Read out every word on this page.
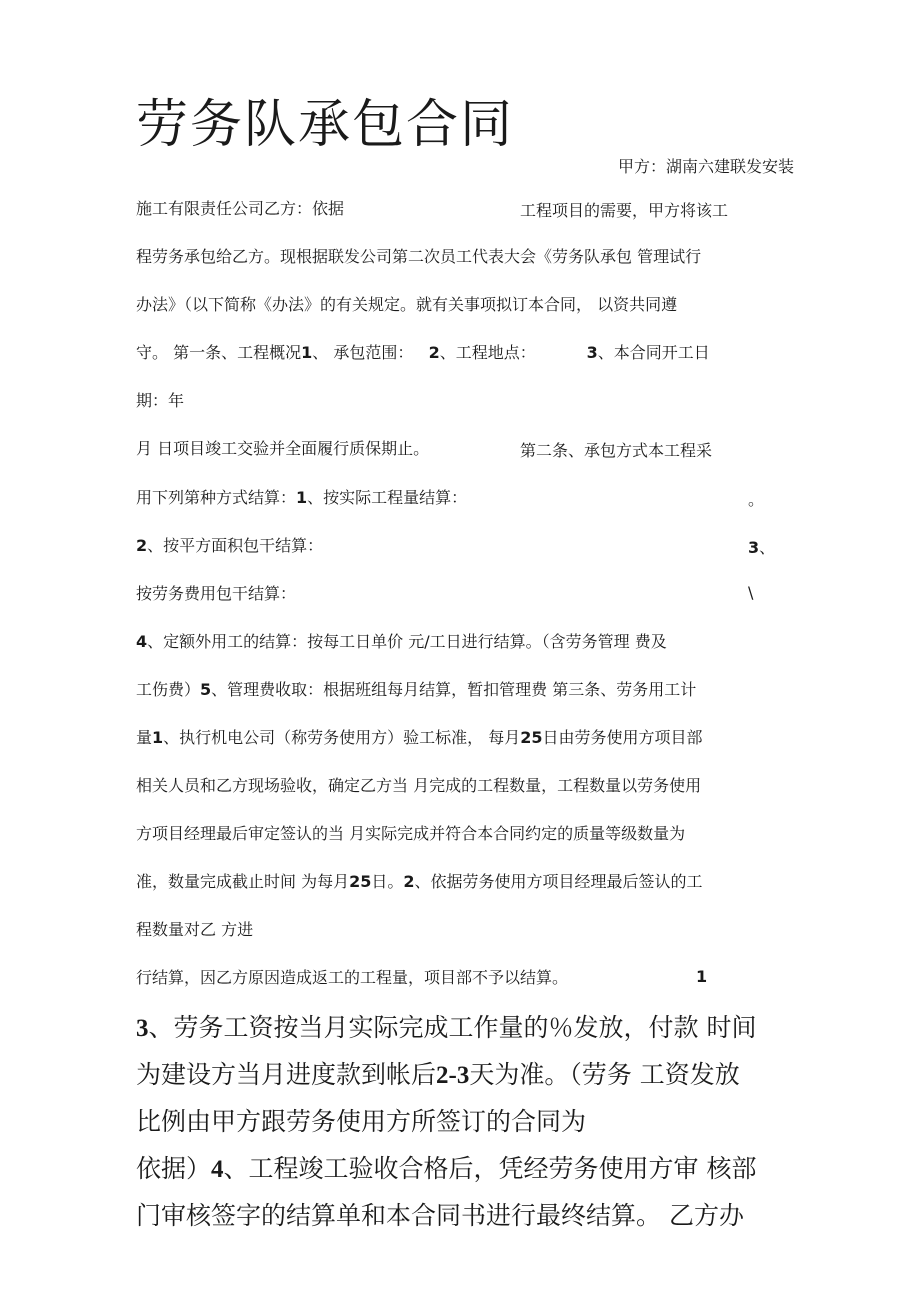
劳务队承包合同
甲方：湖南六建联发安装
施工有限责任公司乙方：依据	工程项目的需要，甲方将该工
程劳务承包给乙方。现根据联发公司第二次员工代表大会《劳务队承包 管理试行
办法》（以下简称《办法》的有关规定。就有关事项拟订本合同， 以资共同遵
守。 第一条、工程概况1、 承包范围： 2、工程地点：	3、本合同开工日
期：年
月 日项目竣工交验并全面履行质保期止。	第二条、承包方式本工程采
用下列第种方式结算：1、按实际工程量结算：	。
2、按平方面积包干结算：	3、
按劳务费用包干结算：	\
4、定额外用工的结算：按每工日单价 元/工日进行结算。（含劳务管理 费及
工伤费）5、管理费收取：根据班组每月结算，暂扣管理费 第三条、劳务用工计
量1、执行机电公司（称劳务使用方）验工标准， 每月25日由劳务使用方项目部
相关人员和乙方现场验收，确定乙方当 月完成的工程数量，工程数量以劳务使用
方项目经理最后审定签认的当 月实际完成并符合本合同约定的质量等级数量为
准，数量完成截止时间 为每月25日。2、依据劳务使用方项目经理最后签认的工
程数量对乙 方进
行结算，因乙方原因造成返工的工程量，项目部不予以结算。	1
3、劳务工资按当月实际完成工作量的％发放，付款 时间
为建设方当月进度款到帐后2-3天为准。（劳务 工资发放
比例由甲方跟劳务使用方所签订的合同为
依据）4、工程竣工验收合格后，凭经劳务使用方审 核部
门审核签字的结算单和本合同书进行最终结算。 乙方办
